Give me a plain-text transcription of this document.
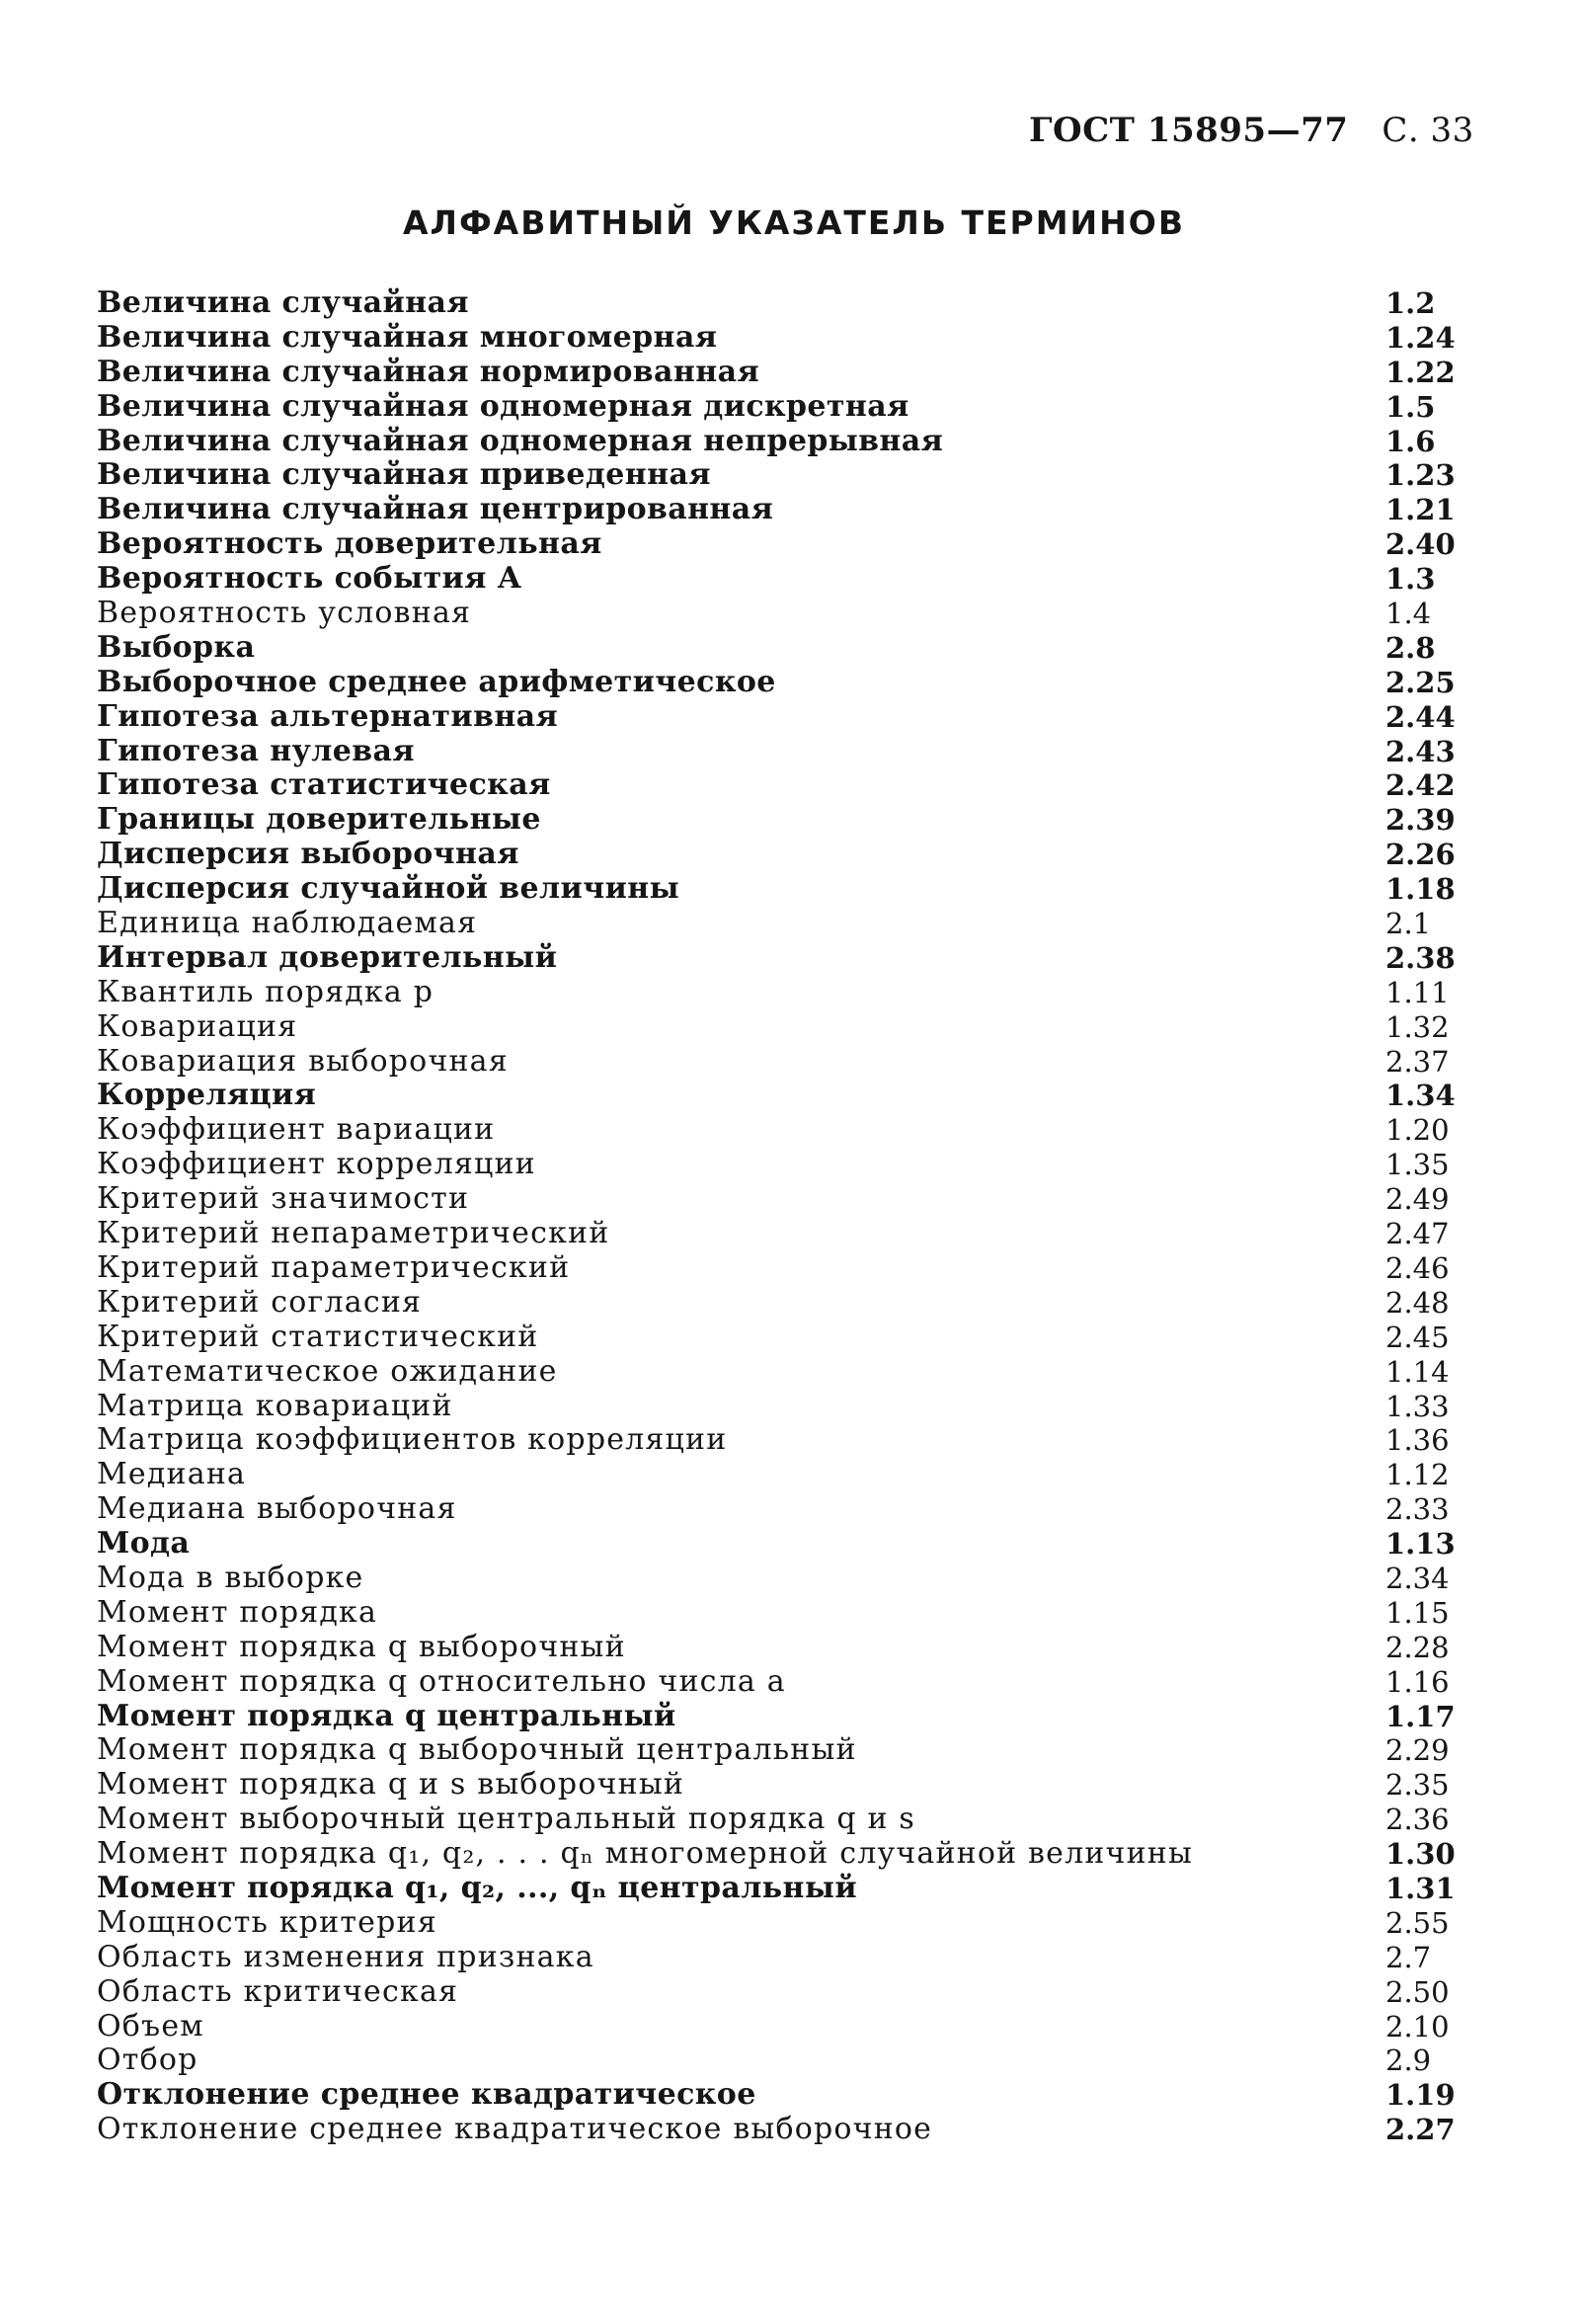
ГОСТ 15895—77 С. 33
АЛФАВИТНЫЙ УКАЗАТЕЛЬ ТЕРМИНОВ
Величина случайная	1.2
Величина случайная многомерная	1.24
Величина случайная нормированная	1.22
Величина случайная одномерная дискретная	1.5
Величина случайная одномерная непрерывная	1.6
Величина случайная приведенная	1.23
Величина случайная центрированная	1.21
Вероятность доверительная	2.40
Вероятность события А	1.3
Вероятность условная	1.4
Выборка	2.8
Выборочное среднее арифметическое	2.25
Гипотеза альтернативная	2.44
Гипотеза нулевая	2.43
Гипотеза статистическая	2.42
Границы доверительные	2.39
Дисперсия выборочная	2.26
Дисперсия случайной величины	1.18
Единица наблюдаемая	2.1
Интервал доверительный	2.38
Квантиль порядка p	1.11
Ковариация	1.32
Ковариация выборочная	2.37
Корреляция	1.34
Коэффициент вариации	1.20
Коэффициент корреляции	1.35
Критерий значимости	2.49
Критерий непараметрический	2.47
Критерий параметрический	2.46
Критерий согласия	2.48
Критерий статистический	2.45
Математическое ожидание	1.14
Матрица ковариаций	1.33
Матрица коэффициентов корреляции	1.36
Медиана	1.12
Медиана выборочная	2.33
Мода	1.13
Мода в выборке	2.34
Момент порядка	1.15
Момент порядка q выборочный	2.28
Момент порядка q относительно числа a	1.16
Момент порядка q центральный	1.17
Момент порядка q выборочный центральный	2.29
Момент порядка q и s выборочный	2.35
Момент выборочный центральный порядка q и s	2.36
Момент порядка q₁, q₂, . . . qₙ многомерной случайной величины	1.30
Момент порядка q₁, q₂, ..., qₙ центральный	1.31
Мощность критерия	2.55
Область изменения признака	2.7
Область критическая	2.50
Объем	2.10
Отбор	2.9
Отклонение среднее квадратическое	1.19
Отклонение среднее квадратическое выборочное	2.27
